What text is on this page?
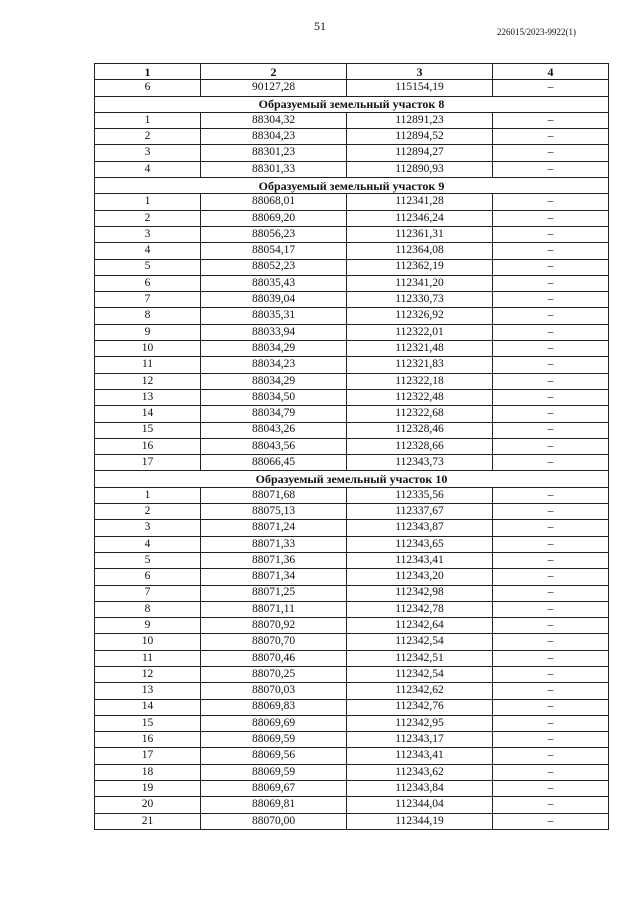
51	226015/2023-9922(1)
1	2	3	4
6	90127,28	115154,19	–
Образуемый земельный участок 8			
1	88304,32	112891,23	–
2	88304,23	112894,52	–
3	88301,23	112894,27	–
4	88301,33	112890,93	–
Образуемый земельный участок 9			
1	88068,01	112341,28	–
2	88069,20	112346,24	–
3	88056,23	112361,31	–
4	88054,17	112364,08	–
5	88052,23	112362,19	–
6	88035,43	112341,20	–
7	88039,04	112330,73	–
8	88035,31	112326,92	–
9	88033,94	112322,01	–
10	88034,29	112321,48	–
11	88034,23	112321,83	–
12	88034,29	112322,18	–
13	88034,50	112322,48	–
14	88034,79	112322,68	–
15	88043,26	112328,46	–
16	88043,56	112328,66	–
17	88066,45	112343,73	–
Образуемый земельный участок 10			
1	88071,68	112335,56	–
2	88075,13	112337,67	–
3	88071,24	112343,87	–
4	88071,33	112343,65	–
5	88071,36	112343,41	–
6	88071,34	112343,20	–
7	88071,25	112342,98	–
8	88071,11	112342,78	–
9	88070,92	112342,64	–
10	88070,70	112342,54	–
11	88070,46	112342,51	–
12	88070,25	112342,54	–
13	88070,03	112342,62	–
14	88069,83	112342,76	–
15	88069,69	112342,95	–
16	88069,59	112343,17	–
17	88069,56	112343,41	–
18	88069,59	112343,62	–
19	88069,67	112343,84	–
20	88069,81	112344,04	–
21	88070,00	112344,19	–
